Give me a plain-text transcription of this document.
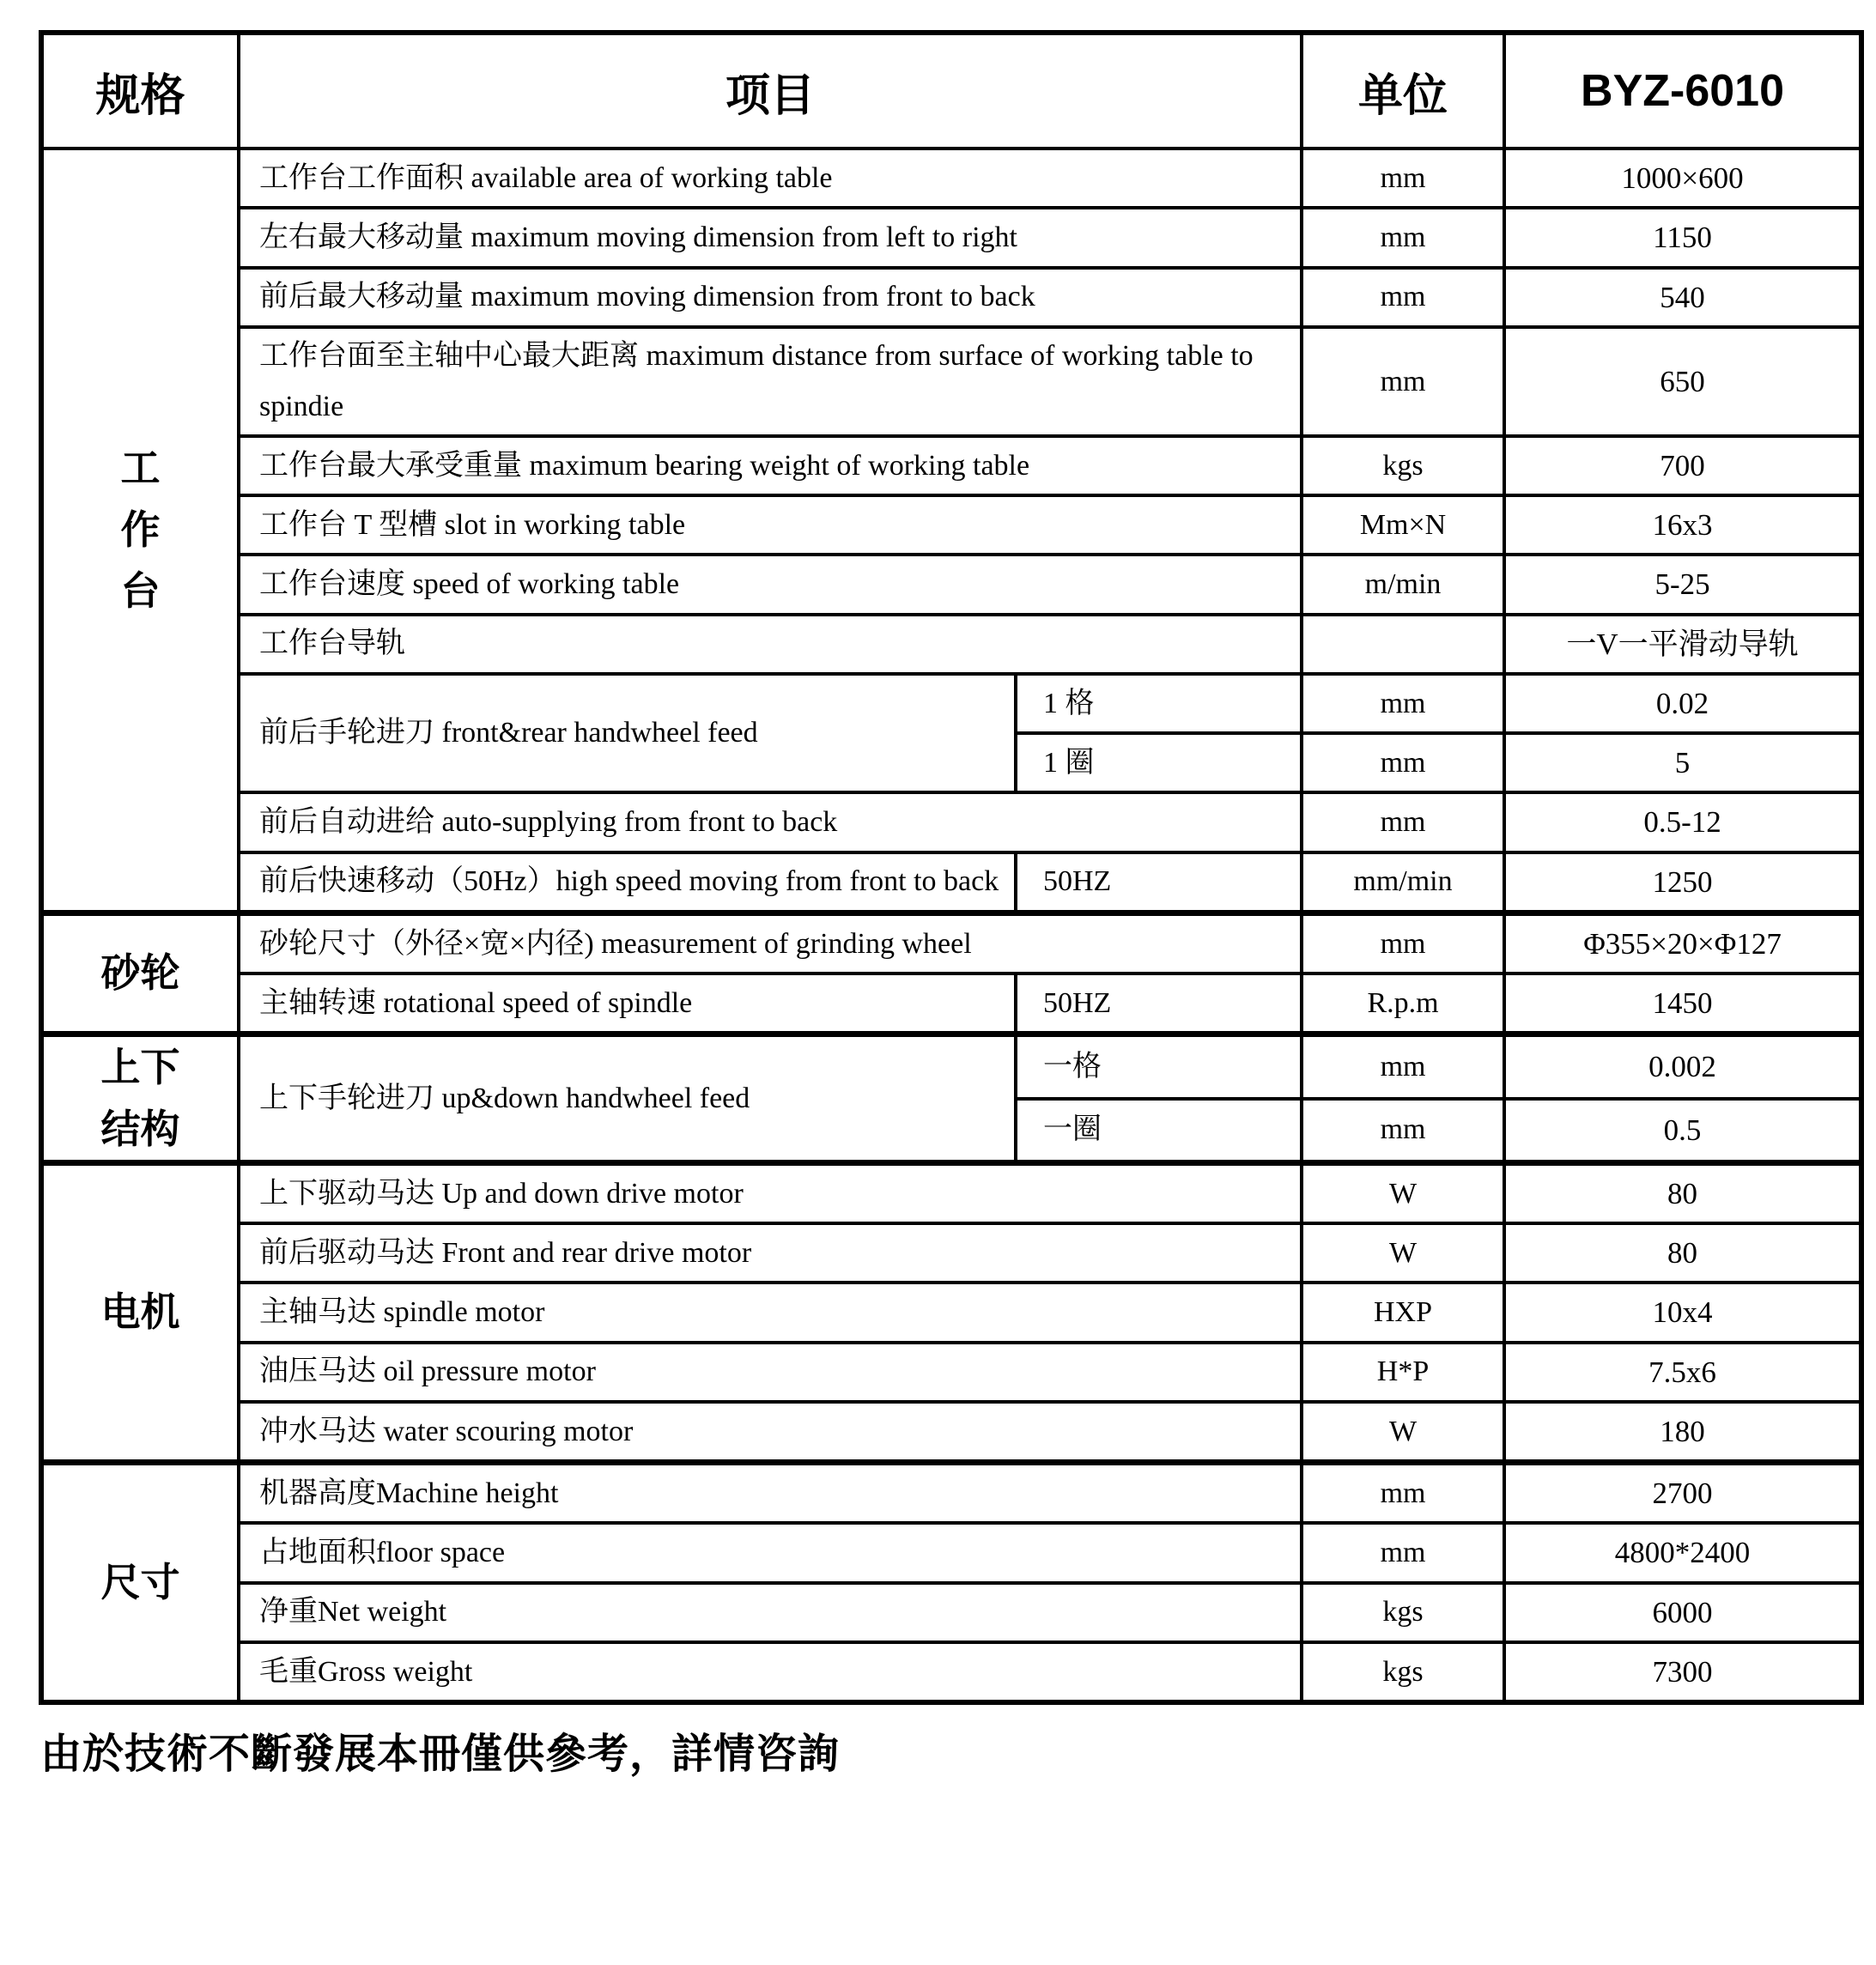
规格	项目		单位	BYZ-6010

工作台	工作台工作面积 available area of working table		mm	1000×600
	左右最大移动量 maximum moving dimension from left to right		mm	1150
	前后最大移动量 maximum moving dimension from front to back		mm	540
	工作台面至主轴中心最大距离 maximum distance from surface of working table to spindie		mm	650
	工作台最大承受重量 maximum bearing weight of working table		kgs	700
	工作台 T 型槽 slot in working table		Mm×N	16x3
	工作台速度 speed of working table		m/min	5-25
	工作台导轨			一V一平滑动导轨
	前后手轮进刀 front&rear handwheel feed	1 格	mm	0.02
		1 圈	mm	5
	前后自动进给 auto-supplying from front to back		mm	0.5-12
	前后快速移动（50Hz）high speed moving from front to back	50HZ	mm/min	1250

砂轮	砂轮尺寸（外径×宽×内径) measurement of grinding wheel		mm	Φ355×20×Φ127
	主轴转速 rotational speed of spindle	50HZ	R.p.m	1450

上下结构	上下手轮进刀 up&down handwheel feed	一格	mm	0.002
		一圈	mm	0.5

电机	上下驱动马达 Up and down drive motor		W	80
	前后驱动马达 Front and rear drive motor		W	80
	主轴马达 spindle motor		HXP	10x4
	油压马达 oil pressure motor		H*P	7.5x6
	冲水马达 water scouring motor		W	180

尺寸	机器高度Machine height		mm	2700
	占地面积floor space		mm	4800*2400
	净重Net weight		kgs	6000
	毛重Gross weight		kgs	7300
由於技術不斷發展本冊僅供參考，詳情咨詢
